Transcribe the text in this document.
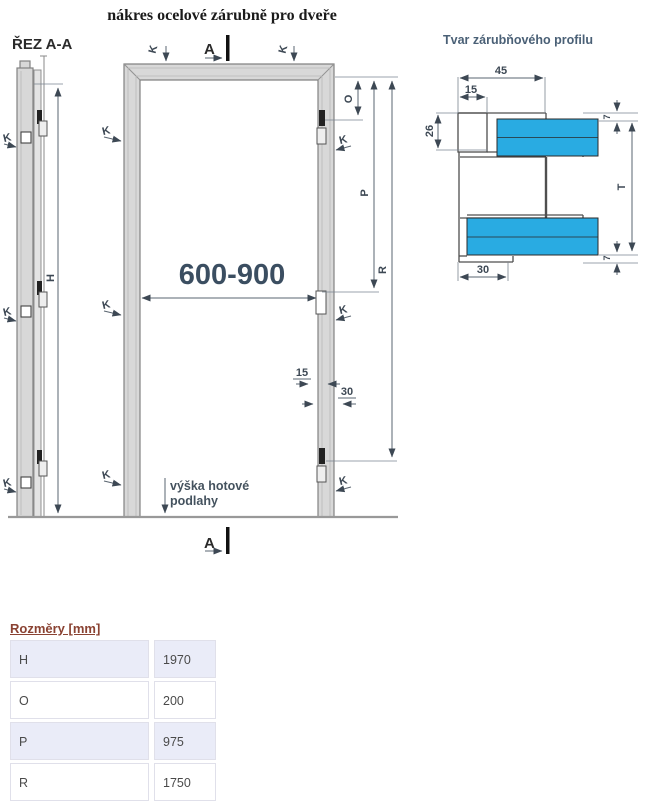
nákres ocelové zárubně pro dveře
ŘEZ A-A
K
K
K
H
A
A
K	K
K
K
K
K
K
K
600-900
O
P
R
15
30
výška hotové
podlahy
Tvar zárubňového profilu
45
15
26
30
T
7
7
Rozměry [mm]
H	1970
O	200
P	975
R	1750
